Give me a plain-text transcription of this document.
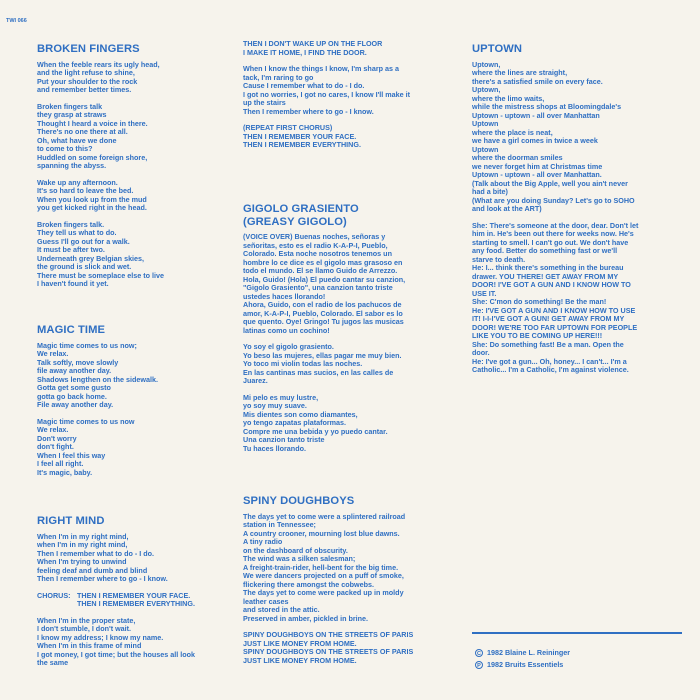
TWI 066
BROKEN FINGERS
When the feeble rears its ugly head,
and the light refuse to shine,
Put your shoulder to the rock
and remember better times.
Broken fingers talk
they grasp at straws
Thought I heard a voice in there.
There's no one there at all.
Oh, what have we done
to come to this?
Huddled on some foreign shore,
spanning the abyss.
Wake up any afternoon.
It's so hard to leave the bed.
When you look up from the mud
you get kicked right in the head.
Broken fingers talk.
They tell us what to do.
Guess I'll go out for a walk.
It must be after two.
Underneath grey Belgian skies,
the ground is slick and wet.
There must be someplace else to live
I haven't found it yet.
MAGIC TIME
Magic time comes to us now;
We relax.
Talk softly, move slowly
file away another day.
Shadows lengthen on the sidewalk.
Gotta get some gusto
gotta go back home.
File away another day.
Magic time comes to us now
We relax.
Don't worry
don't fight.
When I feel this way
I feel all right.
It's magic, baby.
RIGHT MIND
When I'm in my right mind,
when I'm in my right mind,
Then I remember what to do - I do.
When I'm trying to unwind
feeling deaf and dumb and blind
Then I remember where to go - I know.
CHORUS: THEN I REMEMBER YOUR FACE.
THEN I REMEMBER EVERYTHING.
When I'm in the proper state,
I don't stumble, I don't wait.
I know my address; I know my name.
When I'm in this frame of mind
I got money, I got time; but the houses all look
the same
THEN I DON'T WAKE UP ON THE FLOOR
I MAKE IT HOME, I FIND THE DOOR.
When I know the things I know, I'm sharp as a
tack, I'm raring to go
Cause I remember what to do - I do.
I got no worries, I got no cares, I know I'll make it
up the stairs
Then I remember where to go - I know.
(REPEAT FIRST CHORUS)
THEN I REMEMBER YOUR FACE.
THEN I REMEMBER EVERYTHING.
GIGOLO GRASIENTO
(GREASY GIGOLO)
(VOICE OVER) Buenas noches, señoras y
señoritas, esto es el radio K-A-P-I, Pueblo,
Colorado. Esta noche nosotros tenemos un
hombre lo ce dice es el gigolo mas grasoso en
todo el mundo. El se llamo Guido de Arrezzo.
Hola, Guido! (Hola) El puedo cantar su canzion,
"Gigolo Grasiento", una canzion tanto triste
ustedes haces llorando!
Ahora, Guido, con el radio de los pachucos de
amor, K-A-P-I, Pueblo, Colorado. El sabor es lo
que quento. Oye! Gringo! Tu jugos las musicas
latinas como un cochino!
Yo soy el gigolo grasiento.
Yo beso las mujeres, ellas pagar me muy bien.
Yo toco mi violin todas las noches.
En las cantinas mas sucios, en las calles de
Juarez.
Mi pelo es muy lustre,
yo soy muy suave.
Mis dientes son como diamantes,
yo tengo zapatas plataformas.
Compre me una bebida y yo puedo cantar.
Una canzion tanto triste
Tu haces llorando.
SPINY DOUGHBOYS
The days yet to come were a splintered railroad
station in Tennessee;
A country crooner, mourning lost blue dawns.
A tiny radio
on the dashboard of obscurity.
The wind was a silken salesman;
A freight-train-rider, hell-bent for the big time.
We were dancers projected on a puff of smoke,
flickering there amongst the cobwebs.
The days yet to come were packed up in moldy
leather cases
and stored in the attic.
Preserved in amber, pickled in brine.
SPINY DOUGHBOYS ON THE STREETS OF PARIS
JUST LIKE MONEY FROM HOME.
SPINY DOUGHBOYS ON THE STREETS OF PARIS
JUST LIKE MONEY FROM HOME.
UPTOWN
Uptown,
where the lines are straight,
there's a satisfied smile on every face.
Uptown,
where the limo waits,
while the mistress shops at Bloomingdale's
Uptown - uptown - all over Manhattan
Uptown
where the place is neat,
we have a girl comes in twice a week
Uptown
where the doorman smiles
we never forget him at Christmas time
Uptown - uptown - all over Manhattan.
(Talk about the Big Apple, well you ain't never
had a bite)
(What are you doing Sunday? Let's go to SOHO
and look at the ART)
She: There's someone at the door, dear. Don't let
him in. He's been out there for weeks now. He's
starting to smell. I can't go out. We don't have
any food. Better do something fast or we'll
starve to death.
He: I... think there's something in the bureau
drawer. YOU THERE! GET AWAY FROM MY
DOOR! I'VE GOT A GUN AND I KNOW HOW TO
USE IT.
She: C'mon do something! Be the man!
He: I'VE GOT A GUN AND I KNOW HOW TO USE
IT! I-I-I'VE GOT A GUN! GET AWAY FROM MY
DOOR! WE'RE TOO FAR UPTOWN FOR PEOPLE
LIKE YOU TO BE COMING UP HERE!!!
She: Do something fast! Be a man. Open the
door.
He: I've got a gun... Oh, honey... I can't... I'm a
Catholic... I'm a Catholic, I'm against violence.
C 1982 Blaine L. Reininger
P 1982 Bruits Essentiels
